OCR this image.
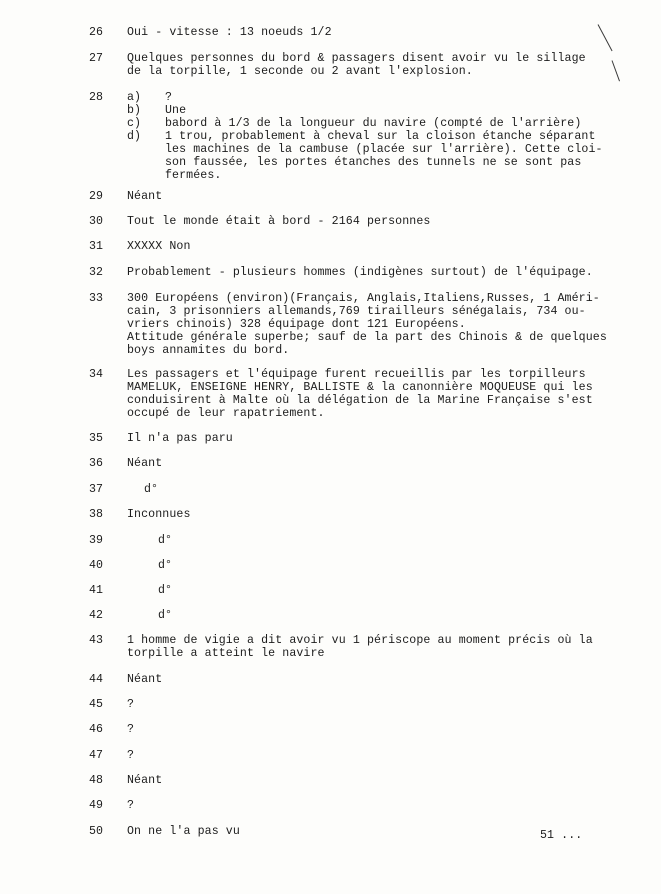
26 Oui - vitesse : 13 noeuds 1/2
27 Quelques personnes du bord & passagers disent avoir vu le sillage
de la torpille, 1 seconde ou 2 avant l'explosion.
28 a) ?
b) Une
c) babord à 1/3 de la longueur du navire (compté de l'arrière)
d) 1 trou, probablement à cheval sur la cloison étanche séparant
les machines de la cambuse (placée sur l'arrière). Cette cloi-
son faussée, les portes étanches des tunnels ne se sont pas
fermées.
29 Néant
30 Tout le monde était à bord - 2164 personnes
31 XXXXX Non
32 Probablement - plusieurs hommes (indigènes surtout) de l'équipage.
33 300 Européens (environ)(Français, Anglais,Italiens,Russes, 1 Améri-
cain, 3 prisonniers allemands,769 tirailleurs sénégalais, 734 ou-
vriers chinois) 328 équipage dont 121 Européens.
Attitude générale superbe; sauf de la part des Chinois & de quelques
boys annamites du bord.
34 Les passagers et l'équipage furent recueillis par les torpilleurs
MAMELUK, ENSEIGNE HENRY, BALLISTE & la canonnière MOQUEUSE qui les
conduisirent à Malte où la délégation de la Marine Française s'est
occupé de leur rapatriement.
35 Il n'a pas paru
36 Néant
37	d°
38 Inconnues
39	d°
40	d°
41	d°
42	d°
43 1 homme de vigie a dit avoir vu 1 périscope au moment précis où la
torpille a atteint le navire
44 Néant
45 ?
46 ?
47 ?
48 Néant
49 ?
50 On ne l'a pas vu	51 ...
